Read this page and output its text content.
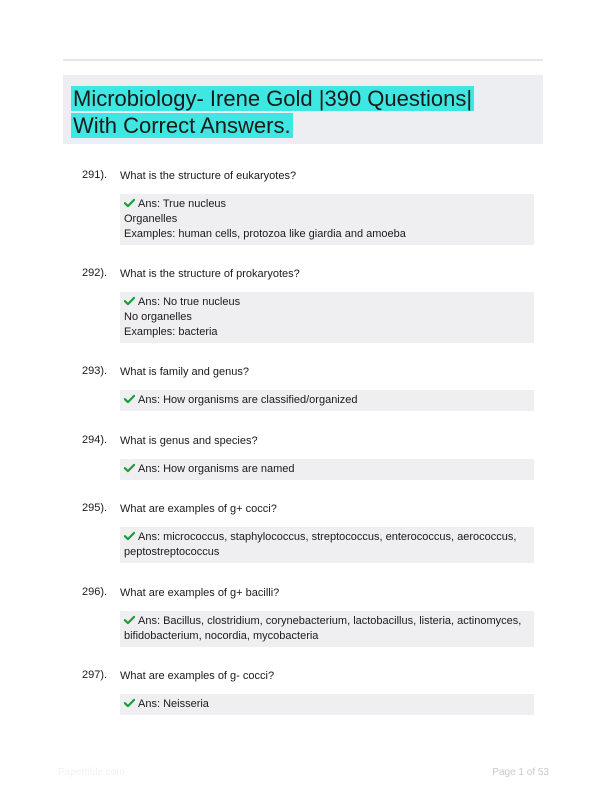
Microbiology- Irene Gold |390 Questions| With Correct Answers.
291). What is the structure of eukaryotes?
Ans: True nucleus
Organelles
Examples: human cells, protozoa like giardia and amoeba
292). What is the structure of prokaryotes?
Ans: No true nucleus
No organelles
Examples: bacteria
293). What is family and genus?
Ans: How organisms are classified/organized
294). What is genus and species?
Ans: How organisms are named
295). What are examples of g+ cocci?
Ans: micrococcus, staphylococcus, streptococcus, enterococcus, aerococcus, peptostreptococcus
296). What are examples of g+ bacilli?
Ans: Bacillus, clostridium, corynebacterium, lactobacillus, listeria, actinomyces, bifidobacterium, nocordia, mycobacteria
297). What are examples of g- cocci?
Ans: Neisseria
Papertible.com	Page 1 of 53
